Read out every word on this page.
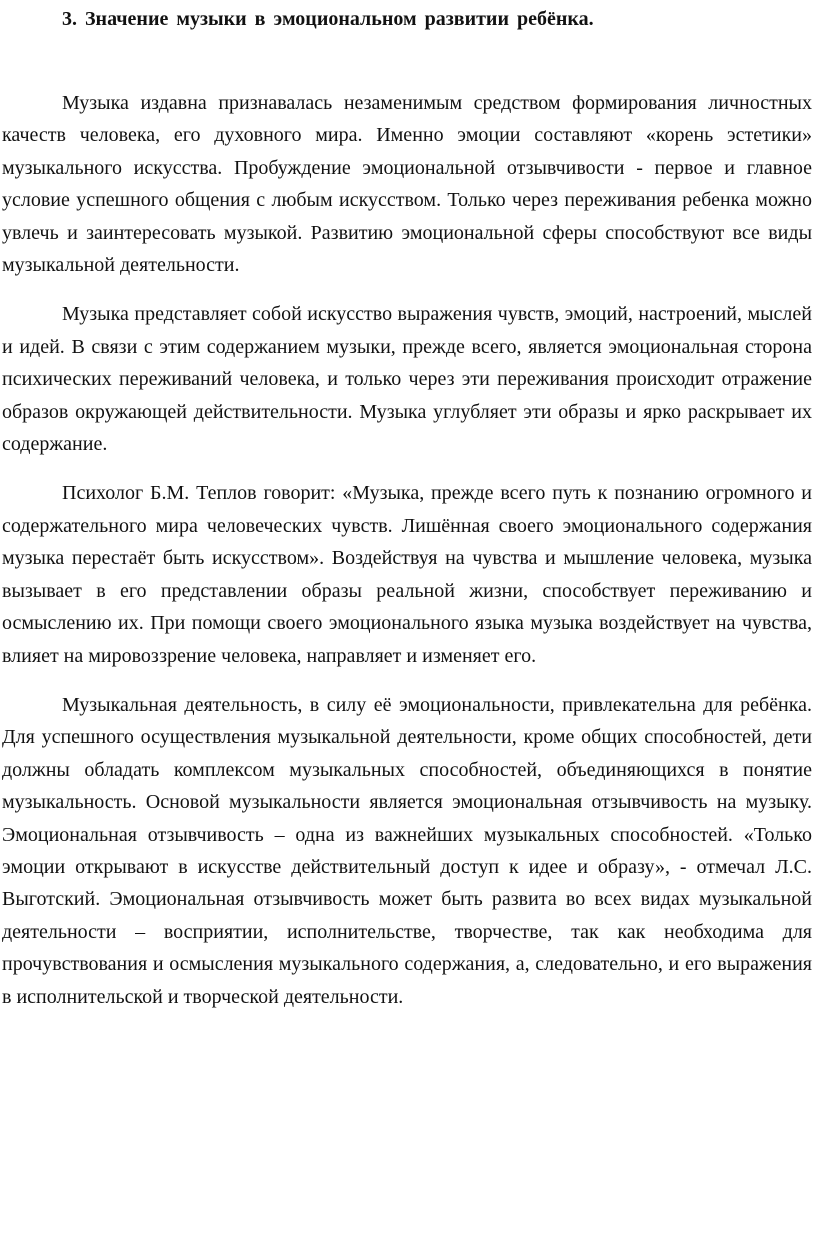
3. Значение музыки в эмоциональном развитии ребёнка.

Музыка издавна признавалась незаменимым средством формирования личностных качеств человека, его духовного мира. Именно эмоции составляют «корень эстетики» музыкального искусства. Пробуждение эмоциональной отзывчивости - первое и главное условие успешного общения с любым искусством. Только через переживания ребенка можно увлечь и заинтересовать музыкой. Развитию эмоциональной сферы способствуют все виды музыкальной деятельности.

Музыка представляет собой искусство выражения чувств, эмоций, настроений, мыслей и идей. В связи с этим содержанием музыки, прежде всего, является эмоциональная сторона психических переживаний человека, и только через эти переживания происходит отражение образов окружающей действительности. Музыка углубляет эти образы и ярко раскрывает их содержание.

Психолог Б.М. Теплов говорит: «Музыка, прежде всего путь к познанию огромного и содержательного мира человеческих чувств. Лишённая своего эмоционального содержания музыка перестаёт быть искусством». Воздействуя на чувства и мышление человека, музыка вызывает в его представлении образы реальной жизни, способствует переживанию и осмыслению их. При помощи своего эмоционального языка музыка воздействует на чувства, влияет на мировоззрение человека, направляет и изменяет его.

Музыкальная деятельность, в силу её эмоциональности, привлекательна для ребёнка. Для успешного осуществления музыкальной деятельности, кроме общих способностей, дети должны обладать комплексом музыкальных способностей, объединяющихся в понятие музыкальность. Основой музыкальности является эмоциональная отзывчивость на музыку. Эмоциональная отзывчивость – одна из важнейших музыкальных способностей. «Только эмоции открывают в искусстве действительный доступ к идее и образу», - отмечал Л.С. Выготский. Эмоциональная отзывчивость может быть развита во всех видах музыкальной деятельности – восприятии, исполнительстве, творчестве, так как необходима для прочувствования и осмысления музыкального содержания, а, следовательно, и его выражения в исполнительской и творческой деятельности.
